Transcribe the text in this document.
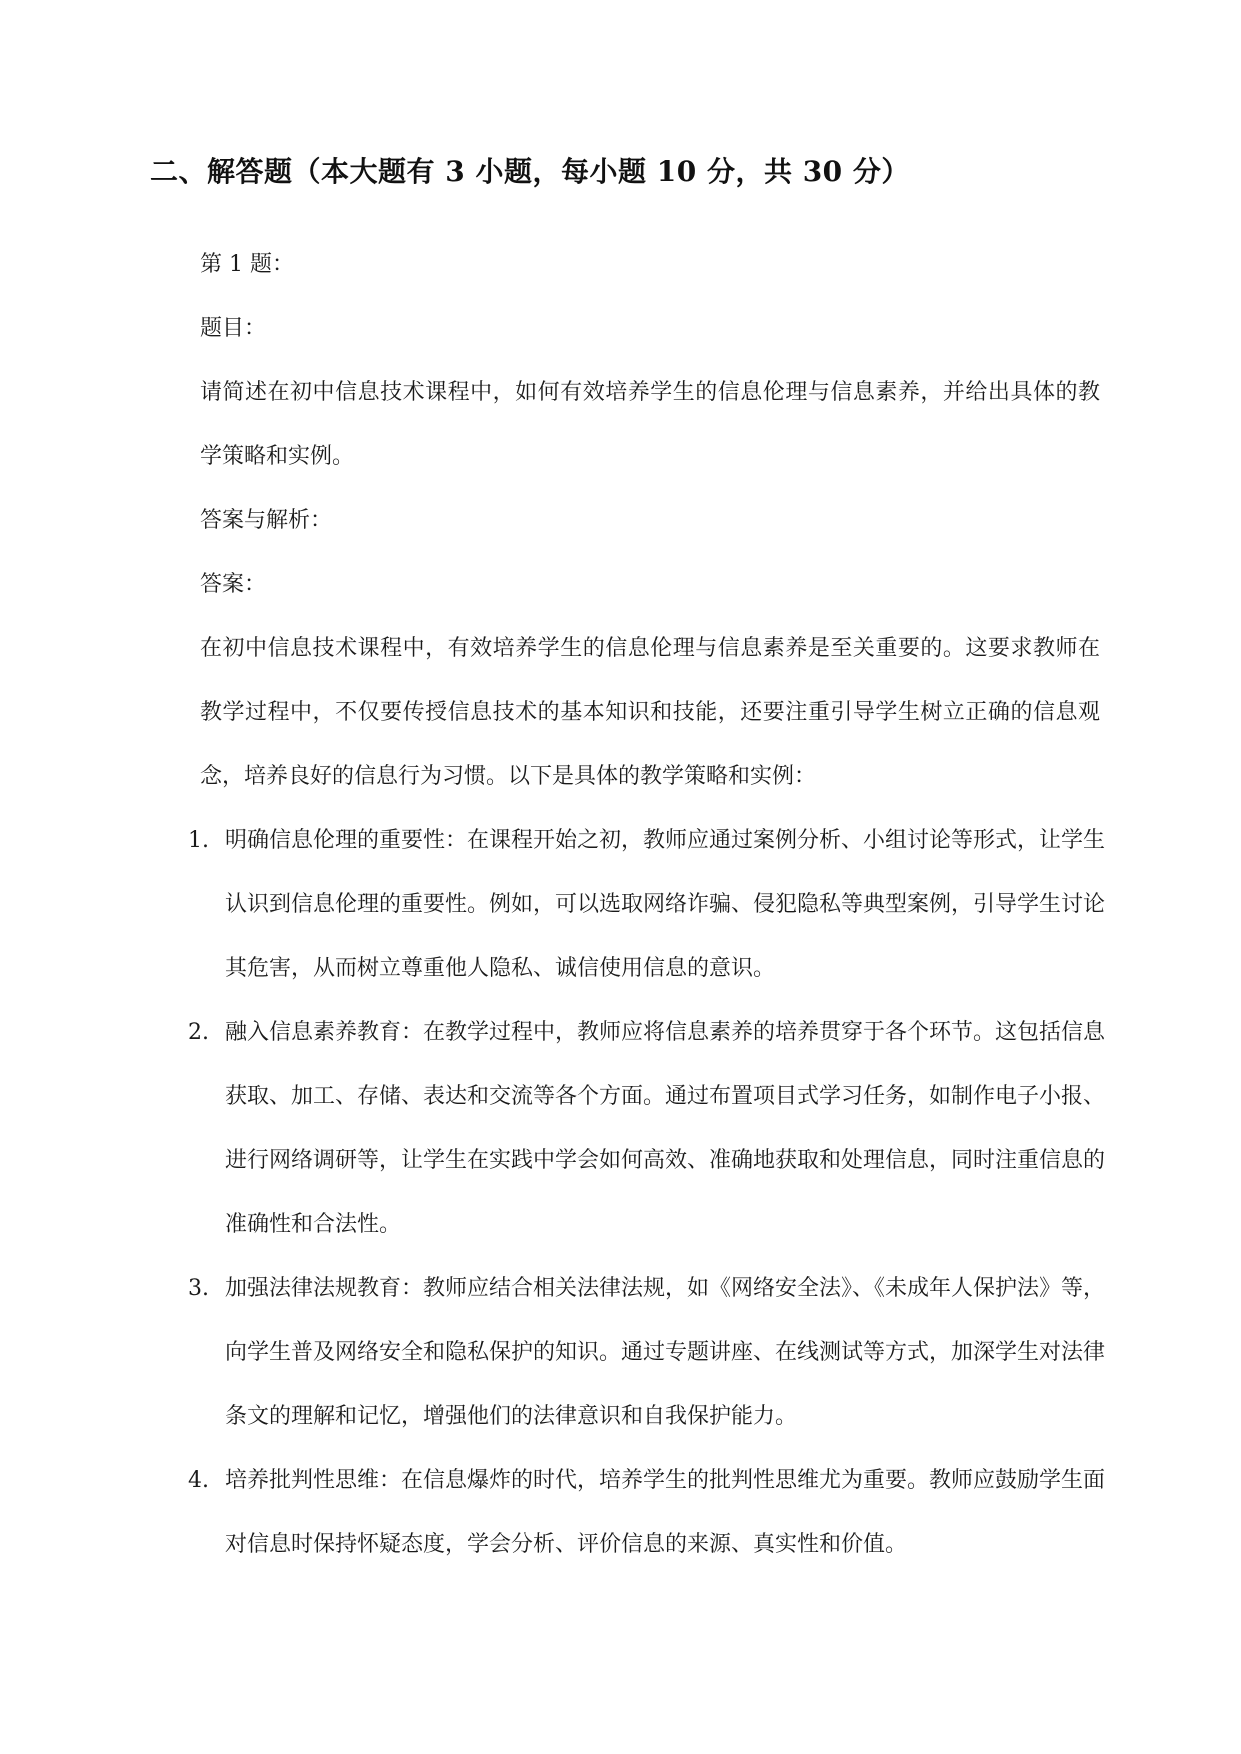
二、解答题（本大题有 3 小题，每小题 10 分，共 30 分）
第 1 题：
题目：
请简述在初中信息技术课程中，如何有效培养学生的信息伦理与信息素养，并给出具体的教学策略和实例。
答案与解析：
答案：
在初中信息技术课程中，有效培养学生的信息伦理与信息素养是至关重要的。这要求教师在教学过程中，不仅要传授信息技术的基本知识和技能，还要注重引导学生树立正确的信息观念，培养良好的信息行为习惯。以下是具体的教学策略和实例：
1. 明确信息伦理的重要性：在课程开始之初，教师应通过案例分析、小组讨论等形式，让学生认识到信息伦理的重要性。例如，可以选取网络诈骗、侵犯隐私等典型案例，引导学生讨论其危害，从而树立尊重他人隐私、诚信使用信息的意识。
2. 融入信息素养教育：在教学过程中，教师应将信息素养的培养贯穿于各个环节。这包括信息获取、加工、存储、表达和交流等各个方面。通过布置项目式学习任务，如制作电子小报、进行网络调研等，让学生在实践中学会如何高效、准确地获取和处理信息，同时注重信息的准确性和合法性。
3. 加强法律法规教育：教师应结合相关法律法规，如《网络安全法》、《未成年人保护法》等，向学生普及网络安全和隐私保护的知识。通过专题讲座、在线测试等方式，加深学生对法律条文的理解和记忆，增强他们的法律意识和自我保护能力。
4. 培养批判性思维：在信息爆炸的时代，培养学生的批判性思维尤为重要。教师应鼓励学生面对信息时保持怀疑态度，学会分析、评价信息的来源、真实性和价值。
